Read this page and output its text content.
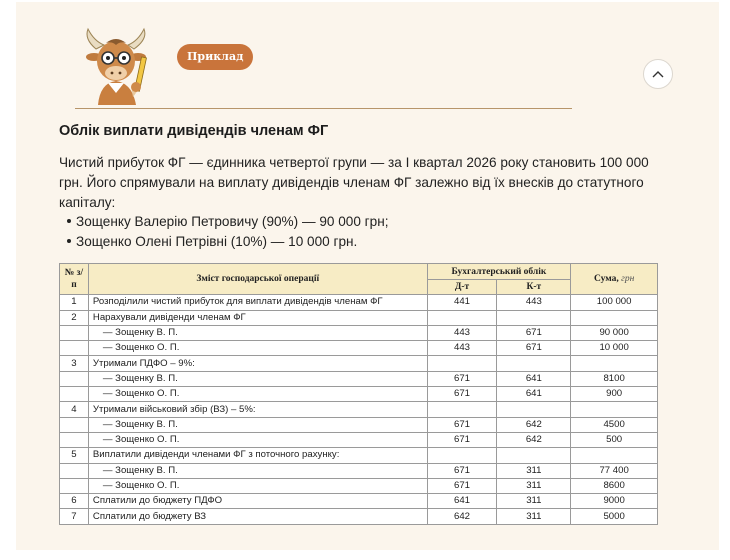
Приклад
Облік виплати дивідендів членам ФГ
Чистий прибуток ФГ — єдинника четвертої групи — за I квартал 2026 року становить 100 000 грн. Його спрямували на виплату дивідендів членам ФГ залежно від їх внесків до статутного капіталу:
Зощенку Валерію Петровичу (90%) — 90 000 грн;
Зощенко Олені Петрівні (10%) — 10 000 грн.
№ з/п	Зміст господарської операції	Бухгалтерський облік		Сума, грн
		Д-т	К-т	
1	Розподілили чистий прибуток для виплати дивідендів членам ФГ	441	443	100 000
2	Нарахували дивіденди членам ФГ			
	— Зощенку В. П.	443	671	90 000
	— Зощенко О. П.	443	671	10 000
3	Утримали ПДФО – 9%:			
	— Зощенку В. П.	671	641	8100
	— Зощенко О. П.	671	641	900
4	Утримали військовий збір (ВЗ) – 5%:			
	— Зощенку В. П.	671	642	4500
	— Зощенко О. П.	671	642	500
5	Виплатили дивіденди членами ФГ з поточного рахунку:			
	— Зощенку В. П.	671	311	77 400
	— Зощенко О. П.	671	311	8600
6	Сплатили до бюджету ПДФО	641	311	9000
7	Сплатили до бюджету ВЗ	642	311	5000
